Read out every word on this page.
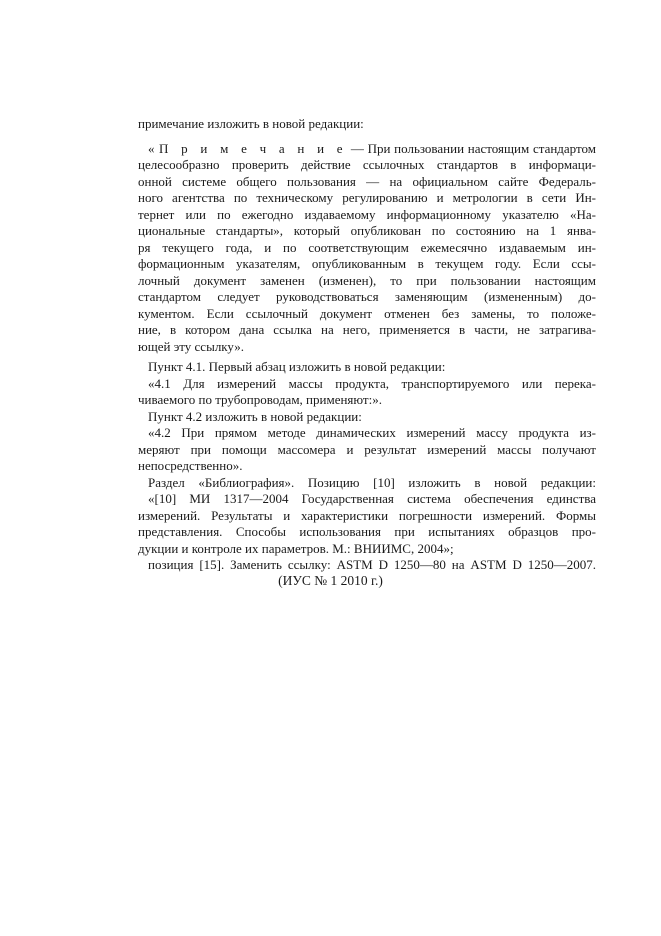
примечание изложить в новой редакции:
«П р и м е ч а н и е — При пользовании настоящим стандартом
целесообразно проверить действие ссылочных стандартов в информаци-
онной системе общего пользования — на официальном сайте Федераль-
ного агентства по техническому регулированию и метрологии в сети Ин-
тернет или по ежегодно издаваемому информационному указателю «На-
циональные стандарты», который опубликован по состоянию на 1 янва-
ря текущего года, и по соответствующим ежемесячно издаваемым ин-
формационным указателям, опубликованным в текущем году. Если ссы-
лочный документ заменен (изменен), то при пользовании настоящим
стандартом следует руководствоваться заменяющим (измененным) до-
кументом. Если ссылочный документ отменен без замены, то положе-
ние, в котором дана ссылка на него, применяется в части, не затрагива-
ющей эту ссылку».
Пункт 4.1. Первый абзац изложить в новой редакции:
«4.1 Для измерений массы продукта, транспортируемого или перека-
чиваемого по трубопроводам, применяют:».
Пункт 4.2 изложить в новой редакции:
«4.2 При прямом методе динамических измерений массу продукта из-
меряют при помощи массомера и результат измерений массы получают
непосредственно».
Раздел «Библиография». Позицию [10] изложить в новой редакции:
«[10] МИ 1317—2004 Государственная система обеспечения единства
измерений. Результаты и характеристики погрешности измерений. Формы
представления. Способы использования при испытаниях образцов про-
дукции и контроле их параметров. М.: ВНИИМС, 2004»;
позиция [15]. Заменить ссылку: ASTM D 1250—80 на ASTM D 1250—2007.
(ИУС № 1 2010 г.)
